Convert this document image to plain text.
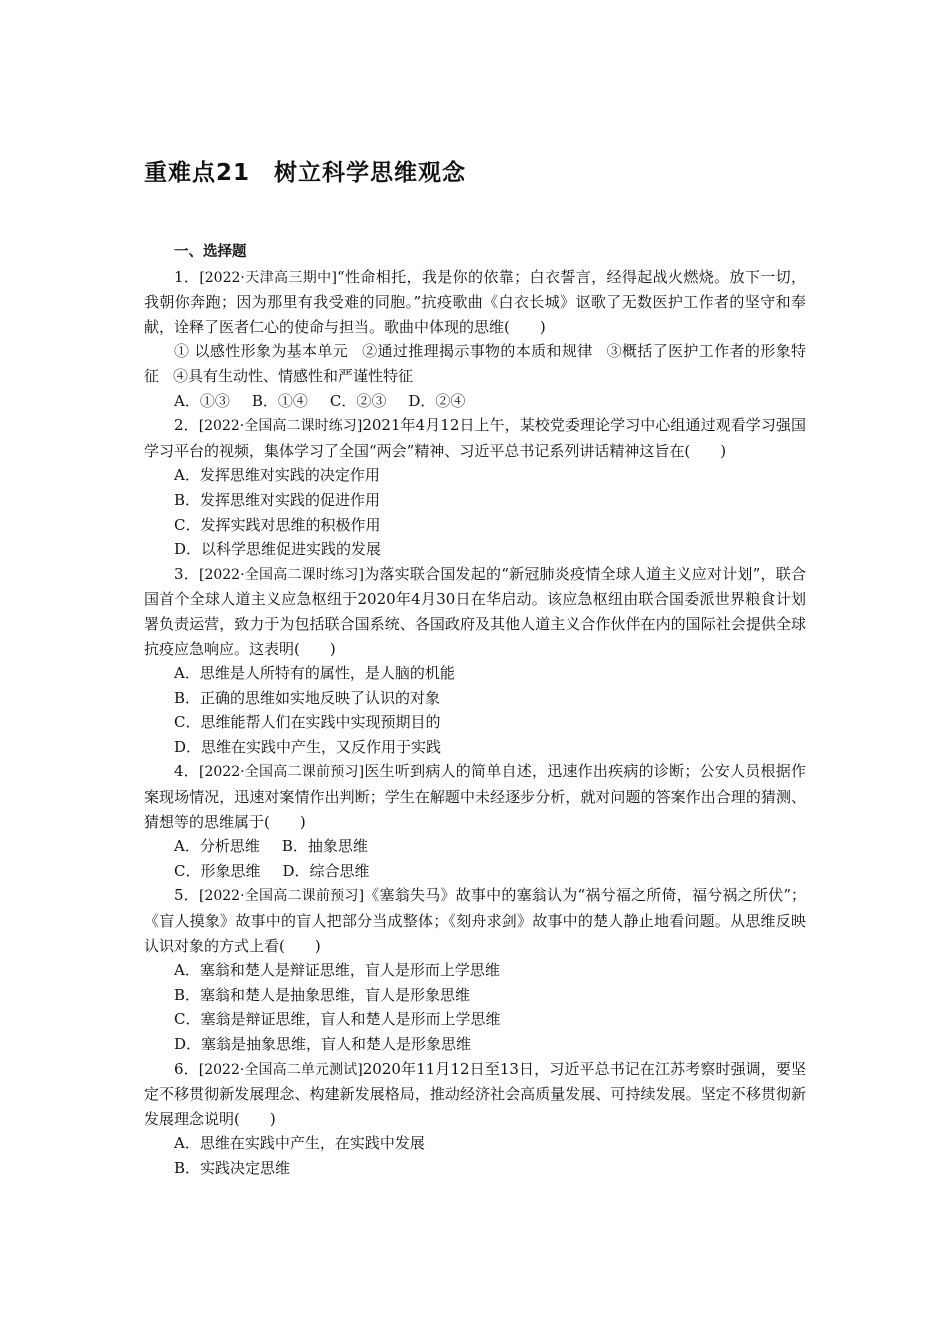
重难点21　树立科学思维观念
一、选择题
1．[2022·天津高三期中]“性命相托，我是你的依靠；白衣誓言，经得起战火燃烧。放下一切，我朝你奔跑；因为那里有我受难的同胞。”抗疫歌曲《白衣长城》讴歌了无数医护工作者的坚守和奉献，诠释了医者仁心的使命与担当。歌曲中体现的思维(　　)
① 以感性形象为基本单元 ②通过推理揭示事物的本质和规律 ③概括了医护工作者的形象特征 ④具有生动性、情感性和严谨性特征
A．①③ B．①④ C．②③ D．②④
2．[2022·全国高二课时练习]2021年4月12日上午，某校党委理论学习中心组通过观看学习强国学习平台的视频，集体学习了全国“两会”精神、习近平总书记系列讲话精神这旨在(　　)
A．发挥思维对实践的决定作用
B．发挥思维对实践的促进作用
C．发挥实践对思维的积极作用
D．以科学思维促进实践的发展
3．[2022·全国高二课时练习]为落实联合国发起的“新冠肺炎疫情全球人道主义应对计划”，联合国首个全球人道主义应急枢纽于2020年4月30日在华启动。该应急枢纽由联合国委派世界粮食计划署负责运营，致力于为包括联合国系统、各国政府及其他人道主义合作伙伴在内的国际社会提供全球抗疫应急响应。这表明(　　)
A．思维是人所特有的属性，是人脑的机能
B．正确的思维如实地反映了认识的对象
C．思维能帮人们在实践中实现预期目的
D．思维在实践中产生，又反作用于实践
4．[2022·全国高二课前预习]医生听到病人的简单自述，迅速作出疾病的诊断；公安人员根据作案现场情况，迅速对案情作出判断；学生在解题中未经逐步分析，就对问题的答案作出合理的猜测、猜想等的思维属于(　　)
A．分析思维 B．抽象思维
C．形象思维 D．综合思维
5．[2022·全国高二课前预习]《塞翁失马》故事中的塞翁认为“祸兮福之所倚，福兮祸之所伏”；《盲人摸象》故事中的盲人把部分当成整体；《刻舟求剑》故事中的楚人静止地看问题。从思维反映认识对象的方式上看(　　)
A．塞翁和楚人是辩证思维，盲人是形而上学思维
B．塞翁和楚人是抽象思维，盲人是形象思维
C．塞翁是辩证思维，盲人和楚人是形而上学思维
D．塞翁是抽象思维，盲人和楚人是形象思维
6．[2022·全国高二单元测试]2020年11月12日至13日，习近平总书记在江苏考察时强调，要坚定不移贯彻新发展理念、构建新发展格局，推动经济社会高质量发展、可持续发展。坚定不移贯彻新发展理念说明(　　)
A．思维在实践中产生，在实践中发展
B．实践决定思维
